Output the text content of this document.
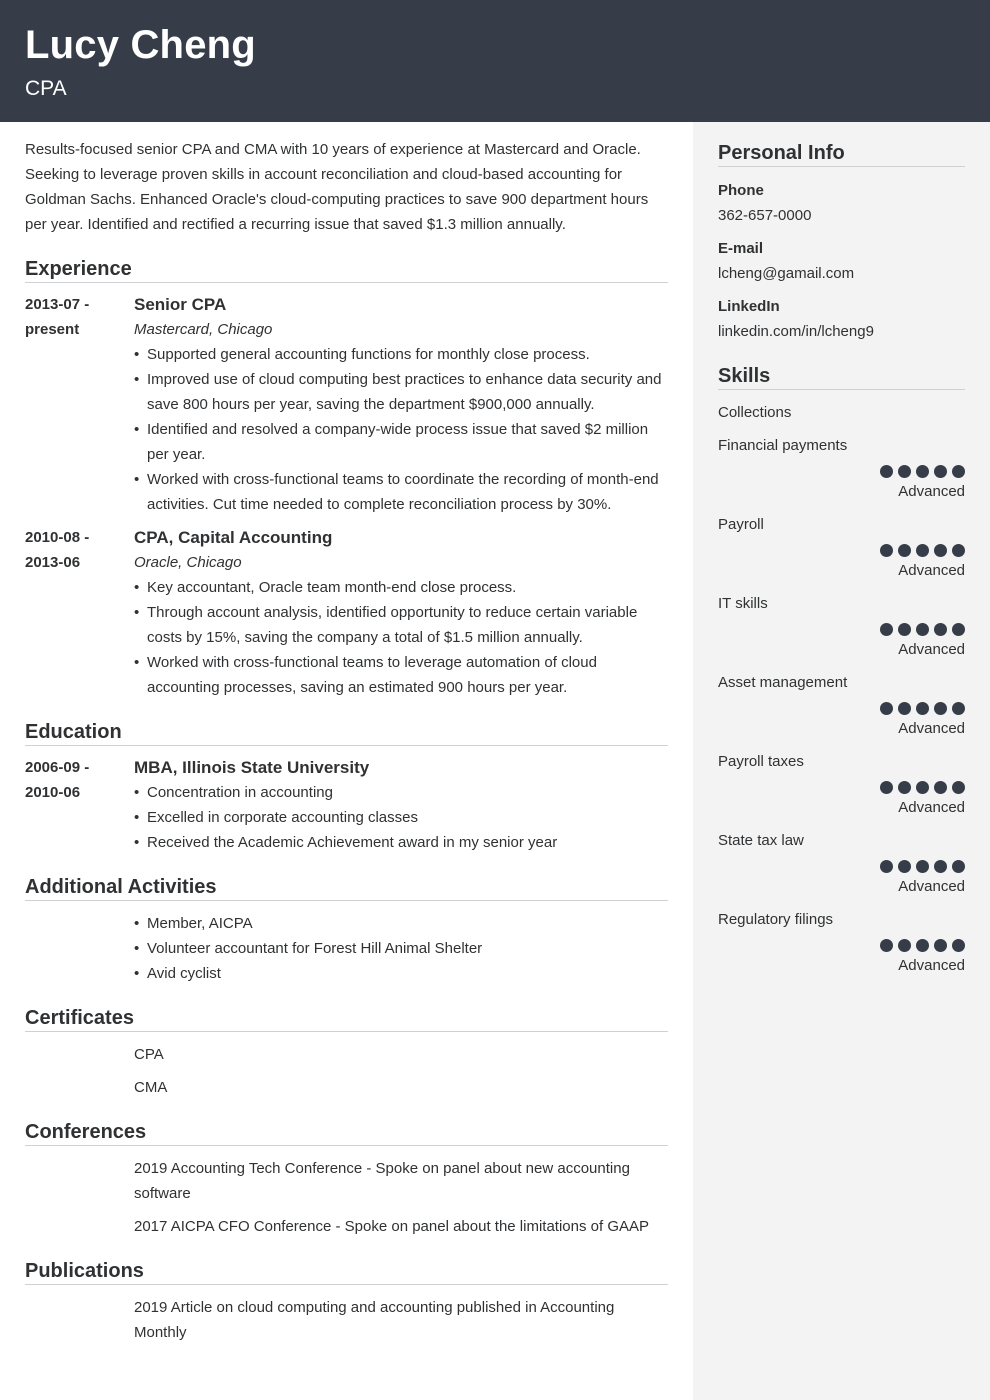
Lucy Cheng

CPA

Results-focused senior CPA and CMA with 10 years of experience at Mastercard and Oracle. Seeking to leverage proven skills in account reconciliation and cloud-based accounting for Goldman Sachs. Enhanced Oracle's cloud-computing practices to save 900 department hours per year. Identified and rectified a recurring issue that saved $1.3 million annually.

Experience
2013-07 -
present

Senior CPA

Mastercard, Chicago

• Supported general accounting functions for monthly close process.
• Improved use of cloud computing best practices to enhance data security and save 800 hours per year, saving the department $900,000 annually.
• Identified and resolved a company-wide process issue that saved $2 million per year.
• Worked with cross-functional teams to coordinate the recording of month-end activities. Cut time needed to complete reconciliation process by 30%.
2010-08 -
2013-06

CPA, Capital Accounting

Oracle, Chicago

• Key accountant, Oracle team month-end close process.
• Through account analysis, identified opportunity to reduce certain variable costs by 15%, saving the company a total of $1.5 million annually.
• Worked with cross-functional teams to leverage automation of cloud accounting processes, saving an estimated 900 hours per year.
Education
2006-09 -
2010-06

MBA, Illinois State University

• Concentration in accounting
• Excelled in corporate accounting classes
• Received the Academic Achievement award in my senior year
Additional Activities
• Member, AICPA
• Volunteer accountant for Forest Hill Animal Shelter
• Avid cyclist
Certificates

CPA

CMA

Conferences

2019 Accounting Tech Conference - Spoke on panel about new accounting software

2017 AICPA CFO Conference - Spoke on panel about the limitations of GAAP

Publications

2019 Article on cloud computing and accounting published in Accounting Monthly

Personal Info

Phone

362-657-0000

E-mail

lcheng@gamail.com

LinkedIn

linkedin.com/in/lcheng9

Skills

Collections

Financial payments

Advanced

Payroll

Advanced

IT skills

Advanced

Asset management

Advanced

Payroll taxes

Advanced

State tax law

Advanced

Regulatory filings

Advanced
